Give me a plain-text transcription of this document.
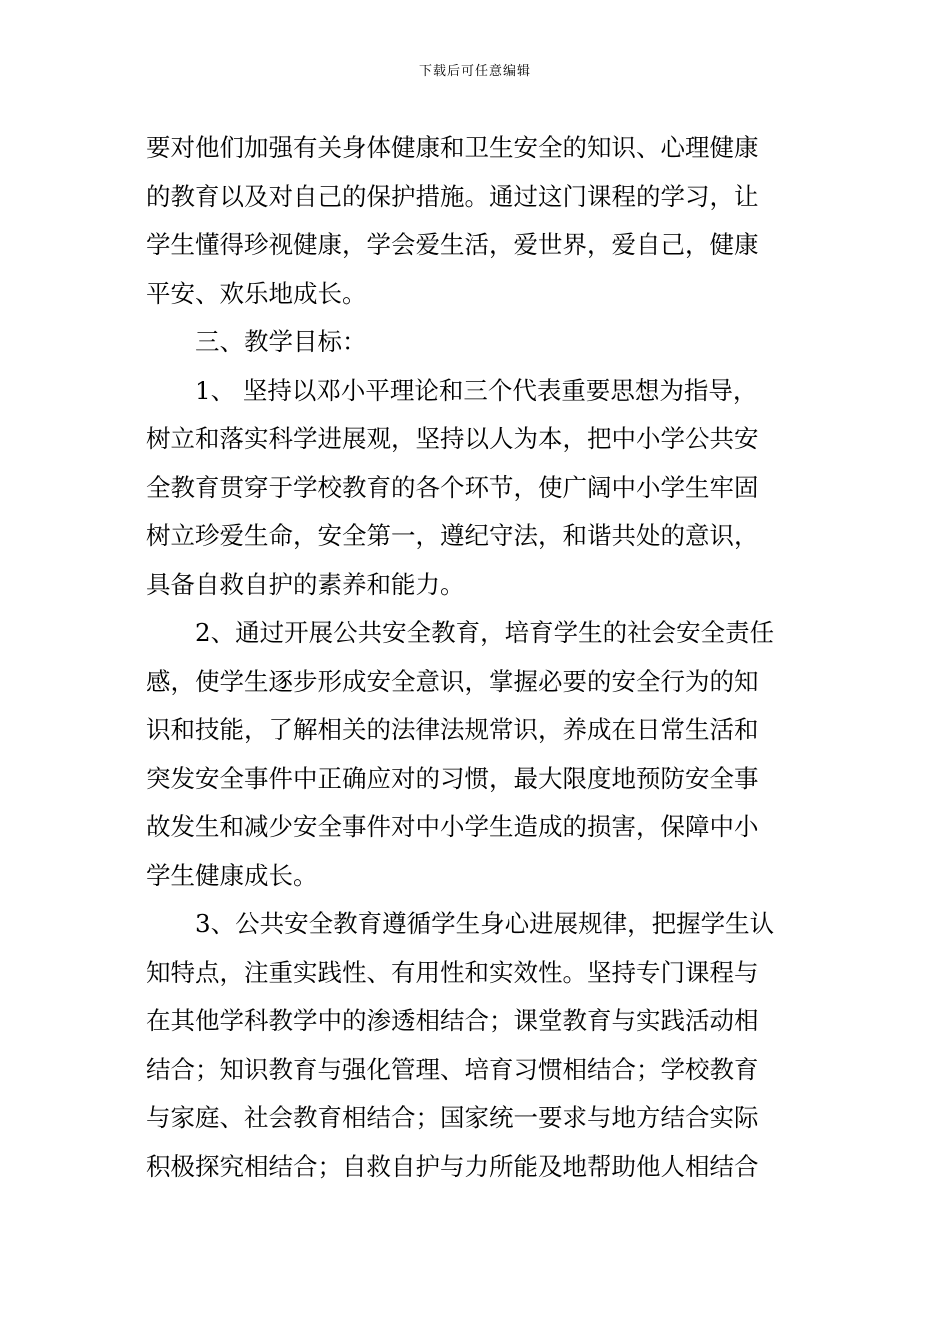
下载后可任意编辑
要对他们加强有关身体健康和卫生安全的知识、心理健康
的教育以及对自己的保护措施。通过这门课程的学习，让
学生懂得珍视健康，学会爱生活，爱世界，爱自己，健康
平安、欢乐地成长。
三、教学目标：
1、 坚持以邓小平理论和三个代表重要思想为指导，
树立和落实科学进展观，坚持以人为本，把中小学公共安
全教育贯穿于学校教育的各个环节，使广阔中小学生牢固
树立珍爱生命，安全第一，遵纪守法，和谐共处的意识，
具备自救自护的素养和能力。
2、通过开展公共安全教育，培育学生的社会安全责任
感，使学生逐步形成安全意识，掌握必要的安全行为的知
识和技能，了解相关的法律法规常识，养成在日常生活和
突发安全事件中正确应对的习惯，最大限度地预防安全事
故发生和减少安全事件对中小学生造成的损害，保障中小
学生健康成长。
3、公共安全教育遵循学生身心进展规律，把握学生认
知特点，注重实践性、有用性和实效性。坚持专门课程与
在其他学科教学中的渗透相结合；课堂教育与实践活动相
结合；知识教育与强化管理、培育习惯相结合；学校教育
与家庭、社会教育相结合；国家统一要求与地方结合实际
积极探究相结合；自救自护与力所能及地帮助他人相结合
